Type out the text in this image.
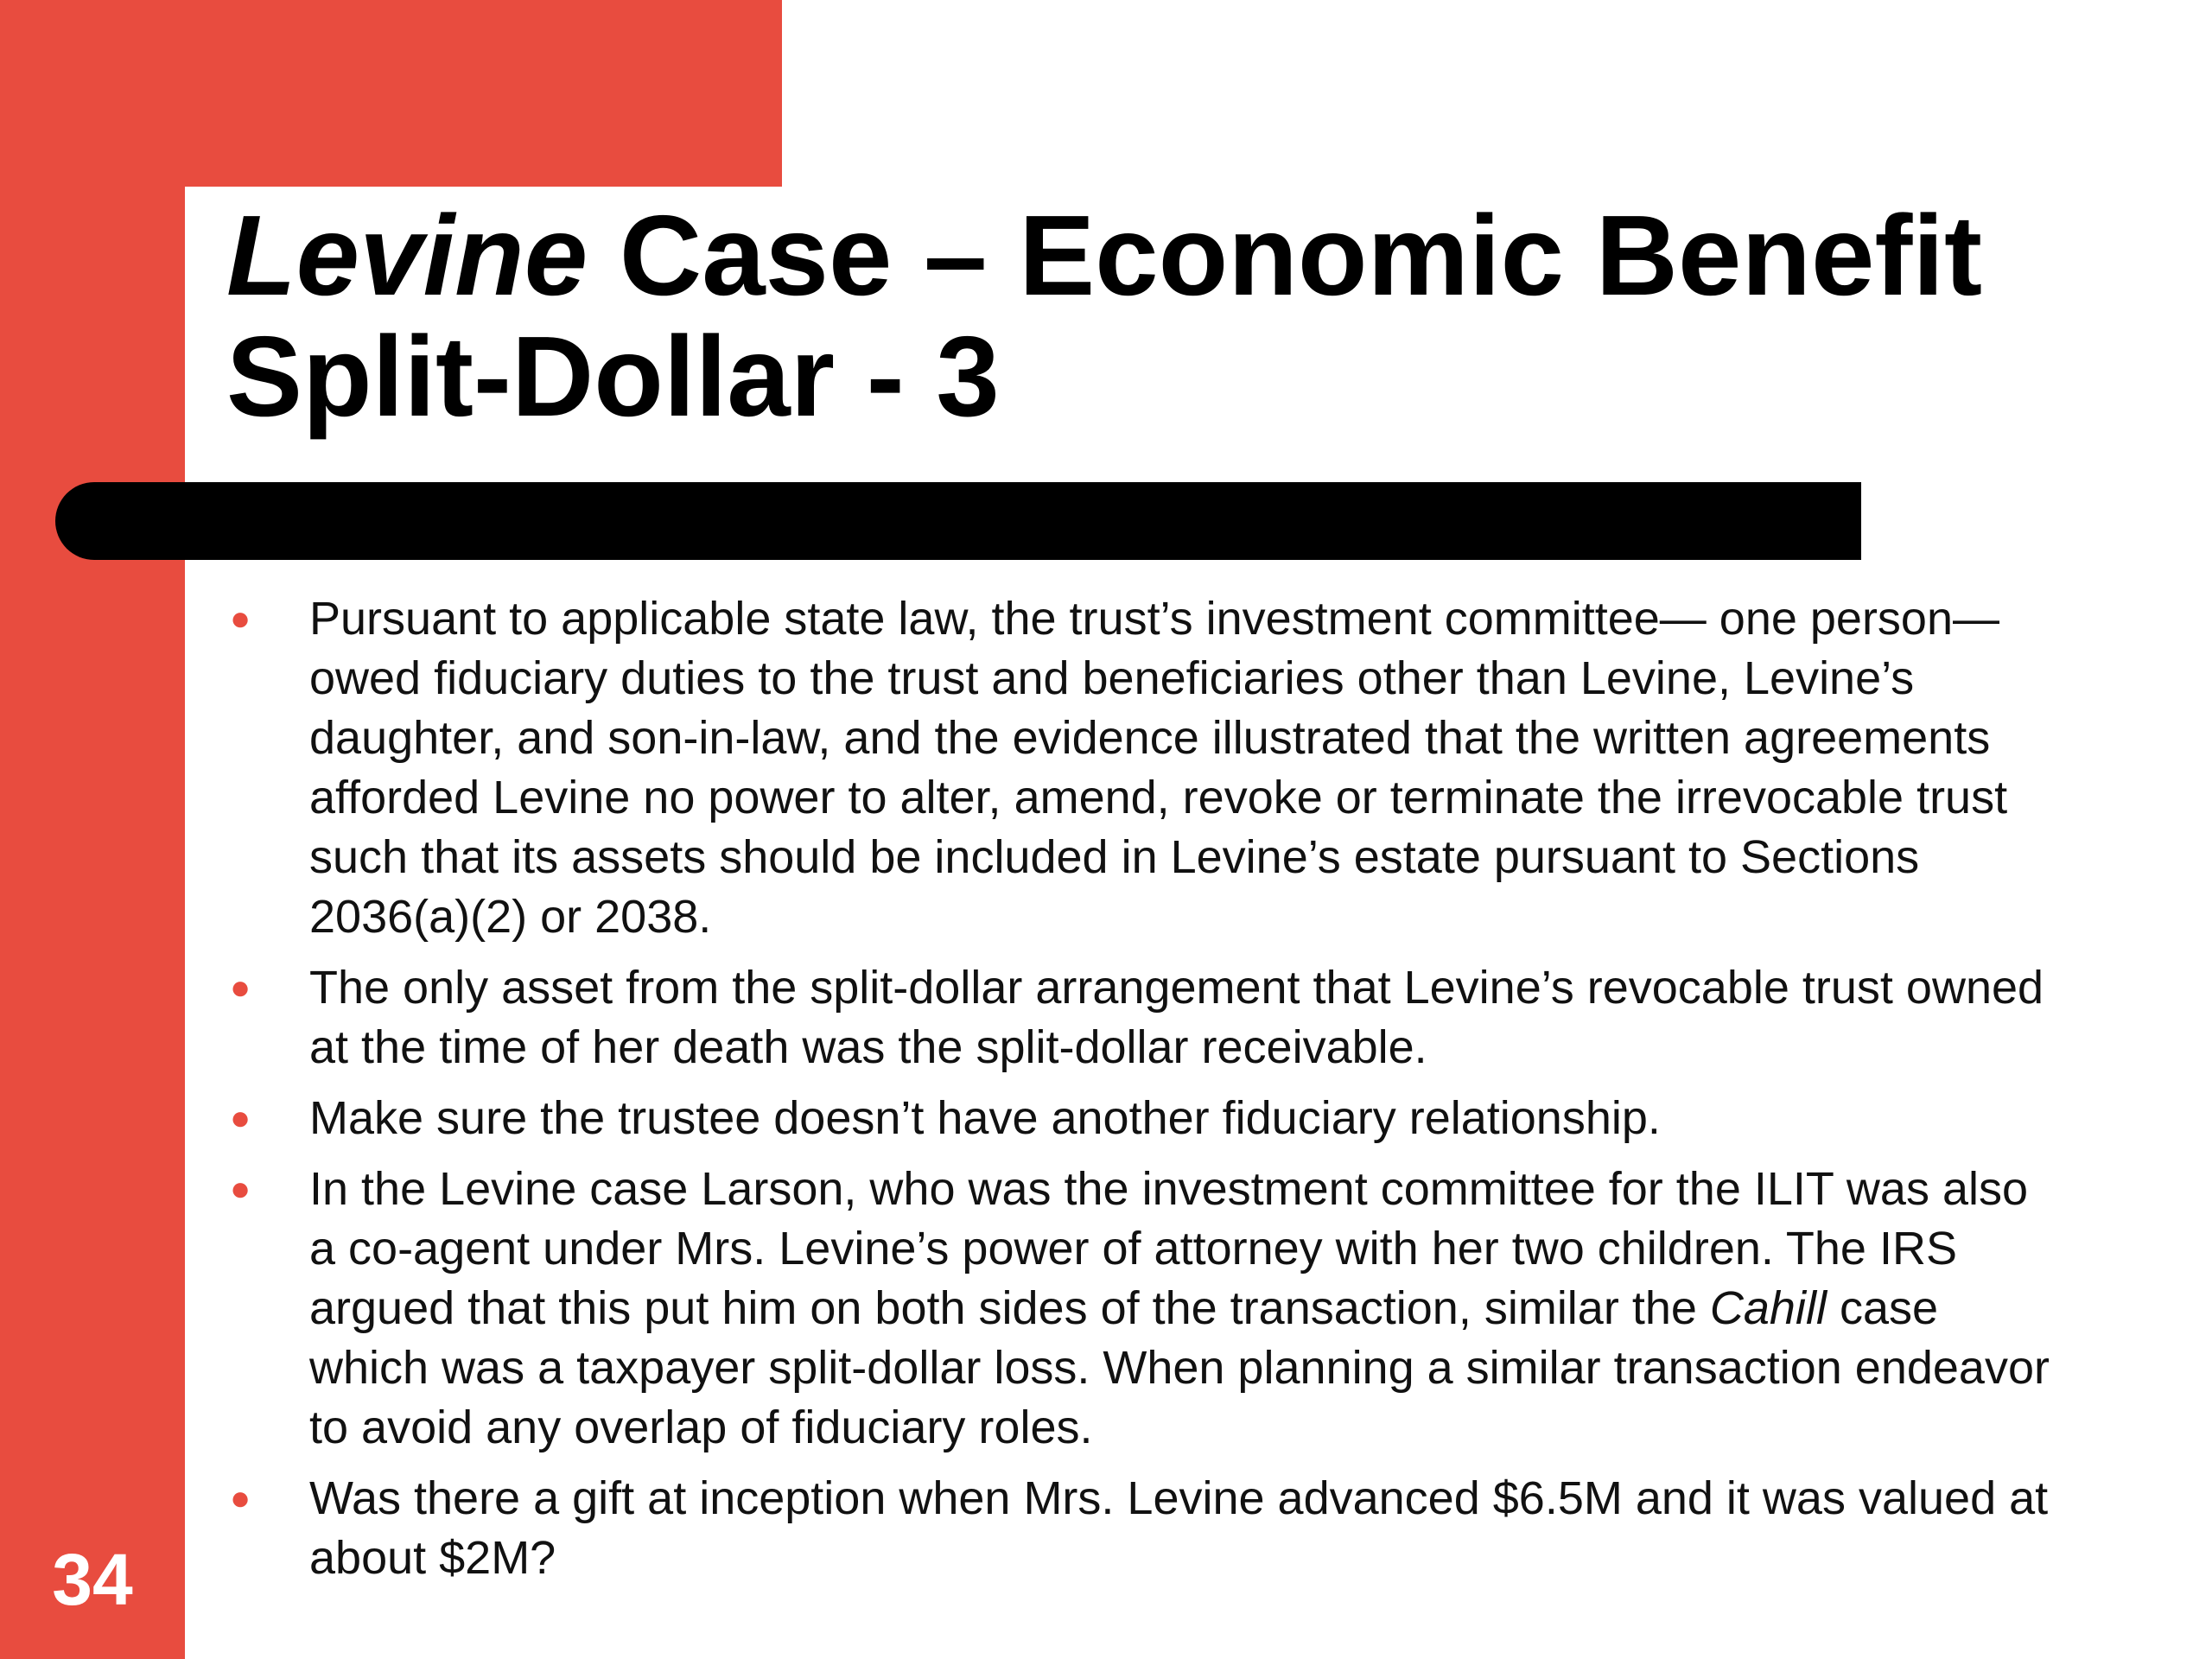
Levine Case – Economic Benefit
Split-Dollar - 3
● Pursuant to applicable state law, the trust’s investment committee— one person—owed fiduciary duties to the trust and beneficiaries other than Levine, Levine’s daughter, and son-in-law, and the evidence illustrated that the written agreements afforded Levine no power to alter, amend, revoke or terminate the irrevocable trust such that its assets should be included in Levine’s estate pursuant to Sections 2036(a)(2) or 2038.
● The only asset from the split-dollar arrangement that Levine’s revocable trust owned at the time of her death was the split-dollar receivable.
● Make sure the trustee doesn’t have another fiduciary relationship.
● In the Levine case Larson, who was the investment committee for the ILIT was also a co-agent under Mrs. Levine’s power of attorney with her two children. The IRS argued that this put him on both sides of the transaction, similar the Cahill case which was a taxpayer split-dollar loss. When planning a similar transaction endeavor to avoid any overlap of fiduciary roles.
● Was there a gift at inception when Mrs. Levine advanced $6.5M and it was valued at about $2M?
34
